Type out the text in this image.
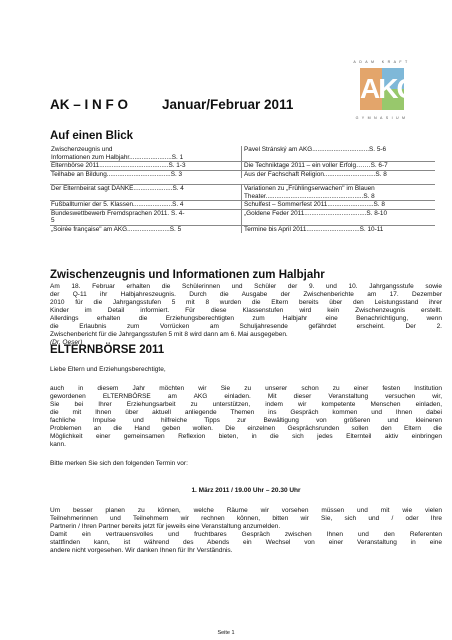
ADAM KRAFT
AKG
GYMNASIUM
AK – I N F O	Januar/Februar 2011
Auf einen Blick
Zwischenzeugnis und	Pavel Stránský am AKG................................S. 5-6
Informationen zum Halbjahr........................S. 1
Elternbörse 2011.......................................S. 1-3	Die Techniktage 2011 – ein voller Erfolg…….S. 6-7
Teilhabe an Bildung....................................S. 3	Aus der Fachschaft Religion.............................S. 8
Der Elternbeirat sagt DANKE......................S. 4	Variationen zu „Frühlingserwachen" im Blauen
Theater.......................................................S. 8
Fußballturnier der 5. Klassen......................S. 4	Schulfest – Sommerfest 2011..........................S. 8
Bundeswettbewerb Fremdsprachen 2011. S. 4-	„Goldene Feder 2011...................................S. 8-10
5
„Soirée française" am AKG........................S. 5	Termine bis April 2011..............................S. 10-11
Zwischenzeugnis und Informationen zum Halbjahr

Am 18. Februar erhalten die Schülerinnen und Schüler der 9. und 10. Jahrgangsstufe sowie

der Q-11 ihr Halbjahreszeugnis. Durch die Ausgabe der Zwischenberichte am 17. Dezember

2010 für die Jahrgangsstufen 5 mit 8 wurden die Eltern bereits über den Leistungsstand ihrer

Kinder im Detail informiert. Für diese Klassenstufen wird kein Zwischenzeugnis erstellt.

Allerdings erhalten die Erziehungsberechtigten zum Halbjahr eine Benachrichtigung, wenn

die Erlaubnis zum Vorrücken am Schuljahresende gefährdet erscheint. Der 2.

Zwischenbericht für die Jahrgangsstufen 5 mit 8 wird dann am 6. Mai ausgegeben.

(Dr. Oeser)

ELTERNBÖRSE 2011
Liebe Eltern und Erziehungsberechtigte,

auch in diesem Jahr möchten wir Sie zu unserer schon zu einer festen Institution

gewordenen ELTERNBÖRSE am AKG einladen. Mit dieser Veranstaltung versuchen wir,

Sie bei Ihrer Erziehungsarbeit zu unterstützen, indem wir kompetente Menschen einladen,

die mit Ihnen über aktuell anliegende Themen ins Gespräch kommen und Ihnen dabei

fachliche Impulse und hilfreiche Tipps zur Bewältigung von größeren und kleineren

Problemen an die Hand geben wollen. Die einzelnen Gesprächsrunden sollen den Eltern die

Möglichkeit einer gemeinsamen Reflexion bieten, in die sich jedes Elternteil aktiv einbringen

kann.

Bitte merken Sie sich den folgenden Termin vor:
1. März 2011 / 19.00 Uhr – 20.30 Uhr

Um besser planen zu können, welche Räume wir vorsehen müssen und mit wie vielen

Teilnehmerinnen und Teilnehmern wir rechnen können, bitten wir Sie, sich und / oder Ihre

Partnerin / Ihren Partner bereits jetzt für jeweils eine Veranstaltung anzumelden.

Damit ein vertrauensvolles und fruchtbares Gespräch zwischen Ihnen und den Referenten

stattfinden kann, ist während des Abends ein Wechsel von einer Veranstaltung in eine

andere nicht vorgesehen. Wir danken Ihnen für Ihr Verständnis.

Seite 1
